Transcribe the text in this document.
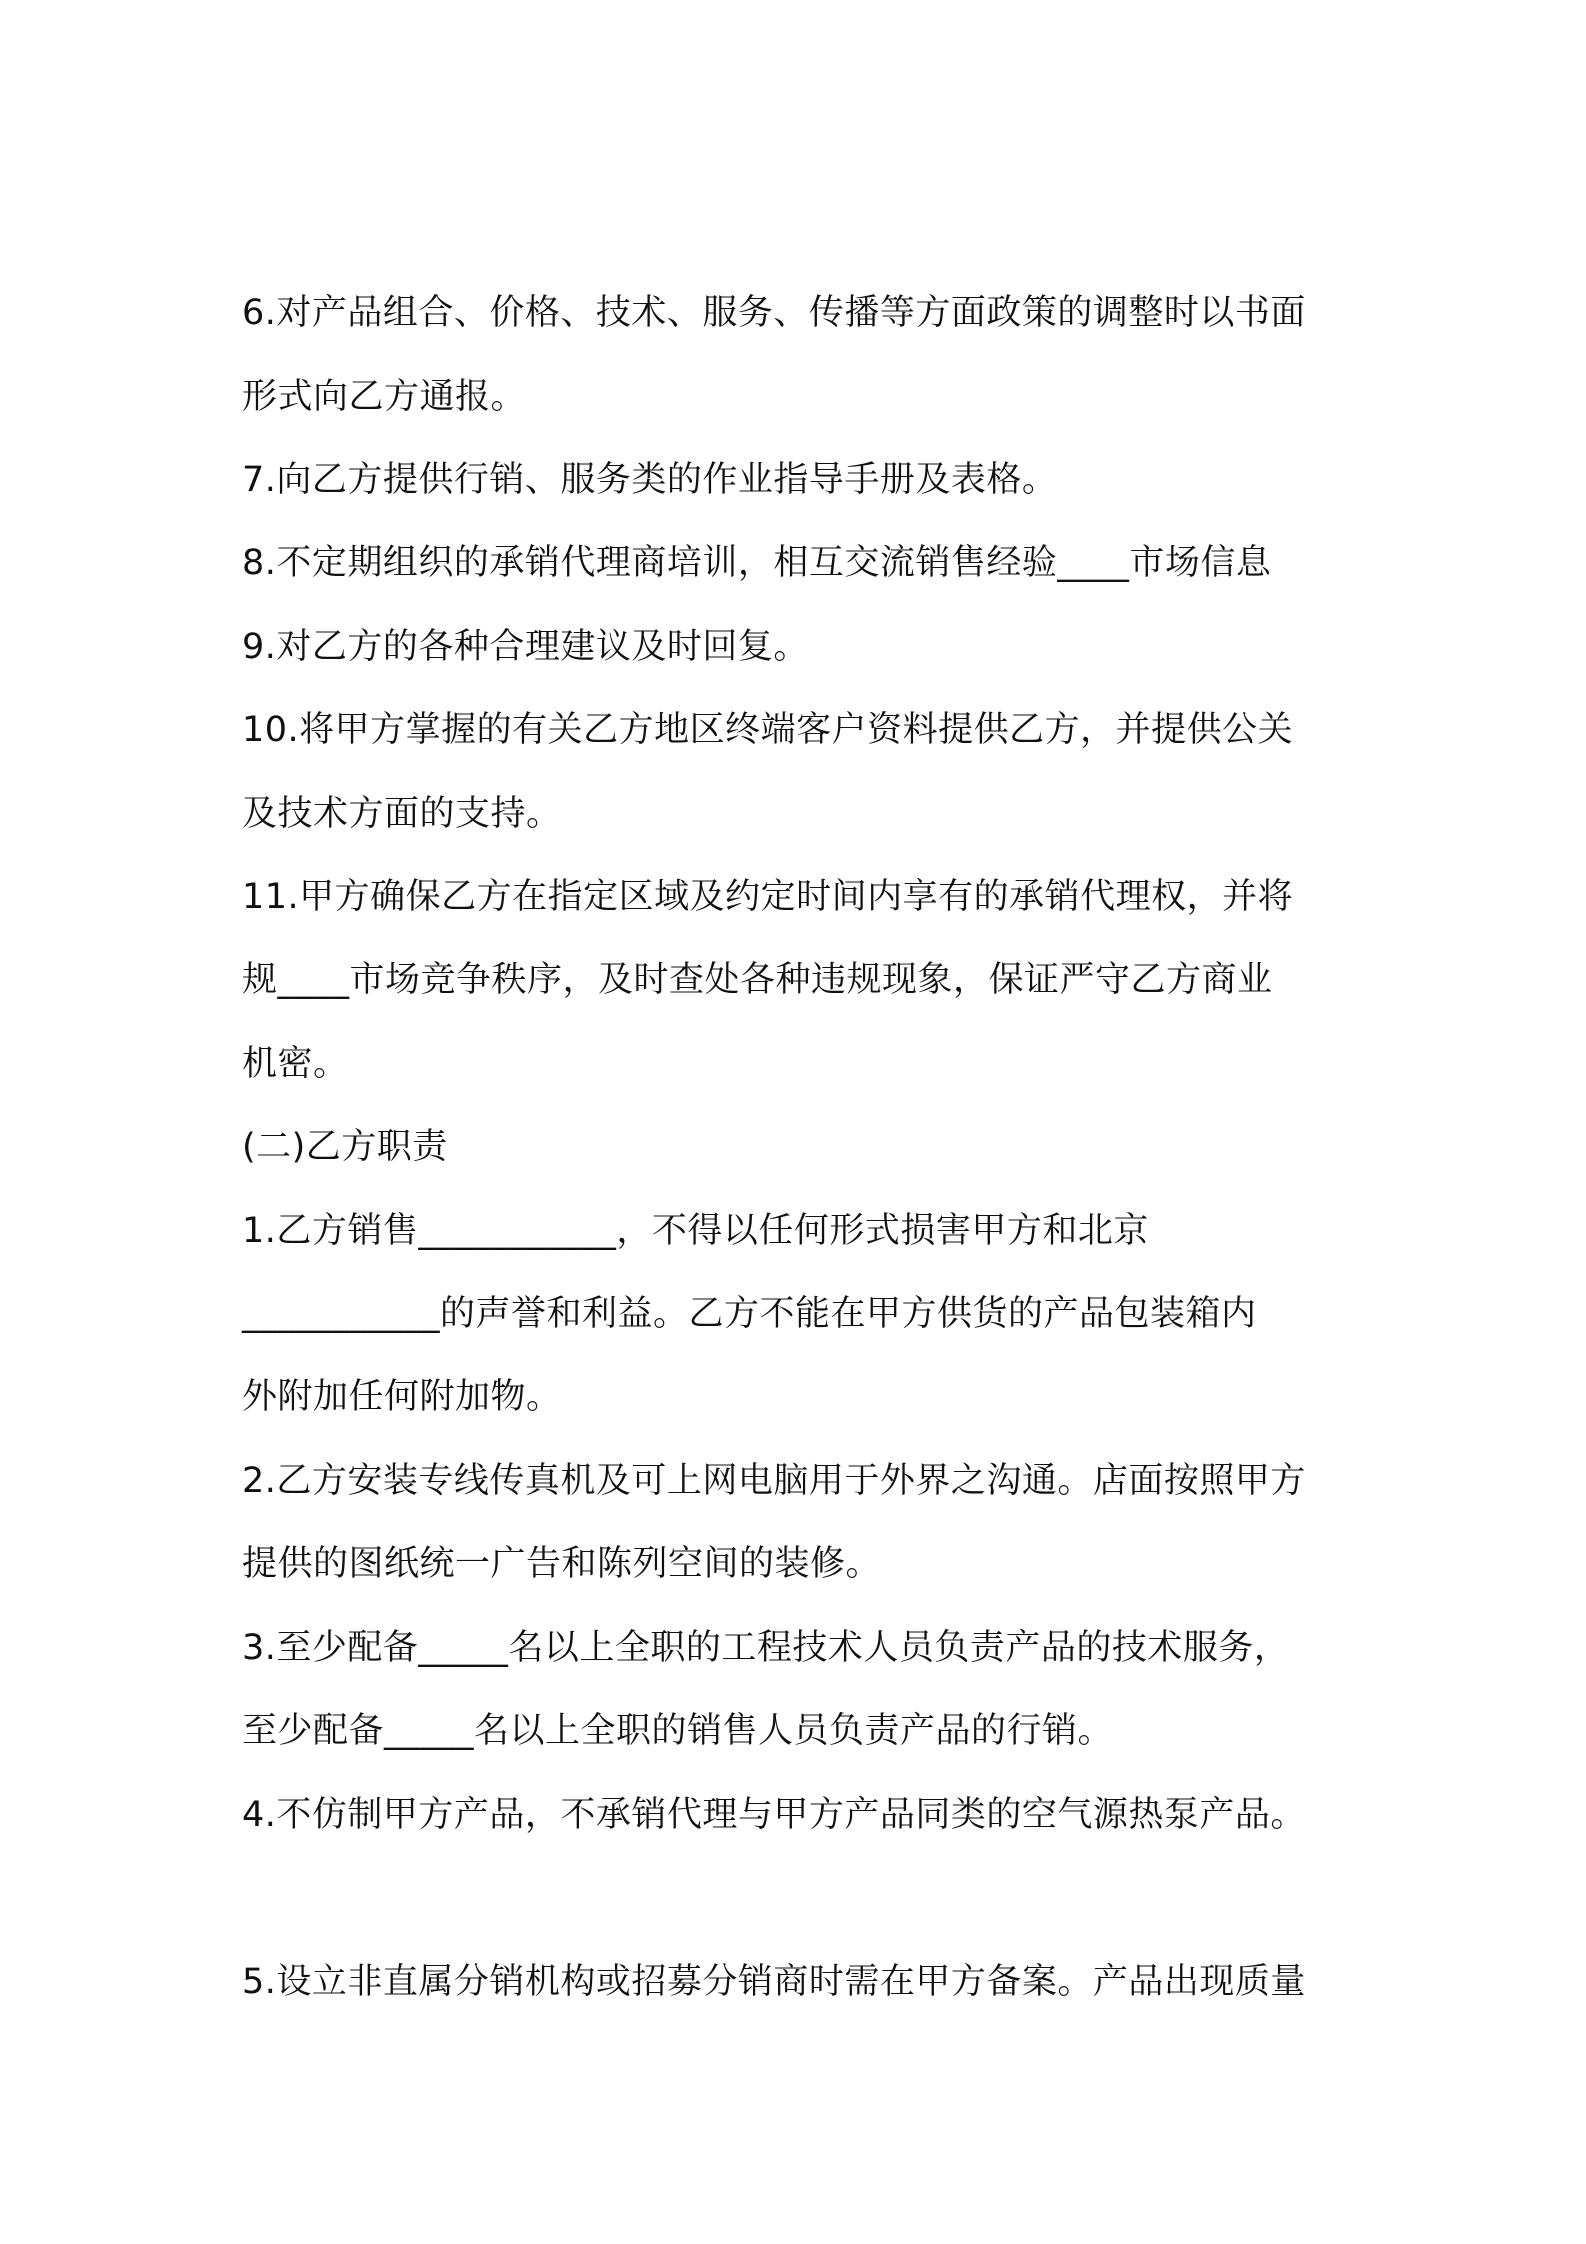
6.对产品组合、价格、技术、服务、传播等方面政策的调整时以书面

形式向乙方通报。

7.向乙方提供行销、服务类的作业指导手册及表格。

8.不定期组织的承销代理商培训，相互交流销售经验____市场信息

9.对乙方的各种合理建议及时回复。

10.将甲方掌握的有关乙方地区终端客户资料提供乙方，并提供公关

及技术方面的支持。

11.甲方确保乙方在指定区域及约定时间内享有的承销代理权，并将

规____市场竞争秩序，及时查处各种违规现象，保证严守乙方商业

机密。

(二)乙方职责

1.乙方销售___________，不得以任何形式损害甲方和北京

___________的声誉和利益。乙方不能在甲方供货的产品包装箱内

外附加任何附加物。

2.乙方安装专线传真机及可上网电脑用于外界之沟通。店面按照甲方

提供的图纸统一广告和陈列空间的装修。

3.至少配备_____名以上全职的工程技术人员负责产品的技术服务，

至少配备_____名以上全职的销售人员负责产品的行销。

4.不仿制甲方产品，不承销代理与甲方产品同类的空气源热泵产品。

5.设立非直属分销机构或招募分销商时需在甲方备案。产品出现质量
